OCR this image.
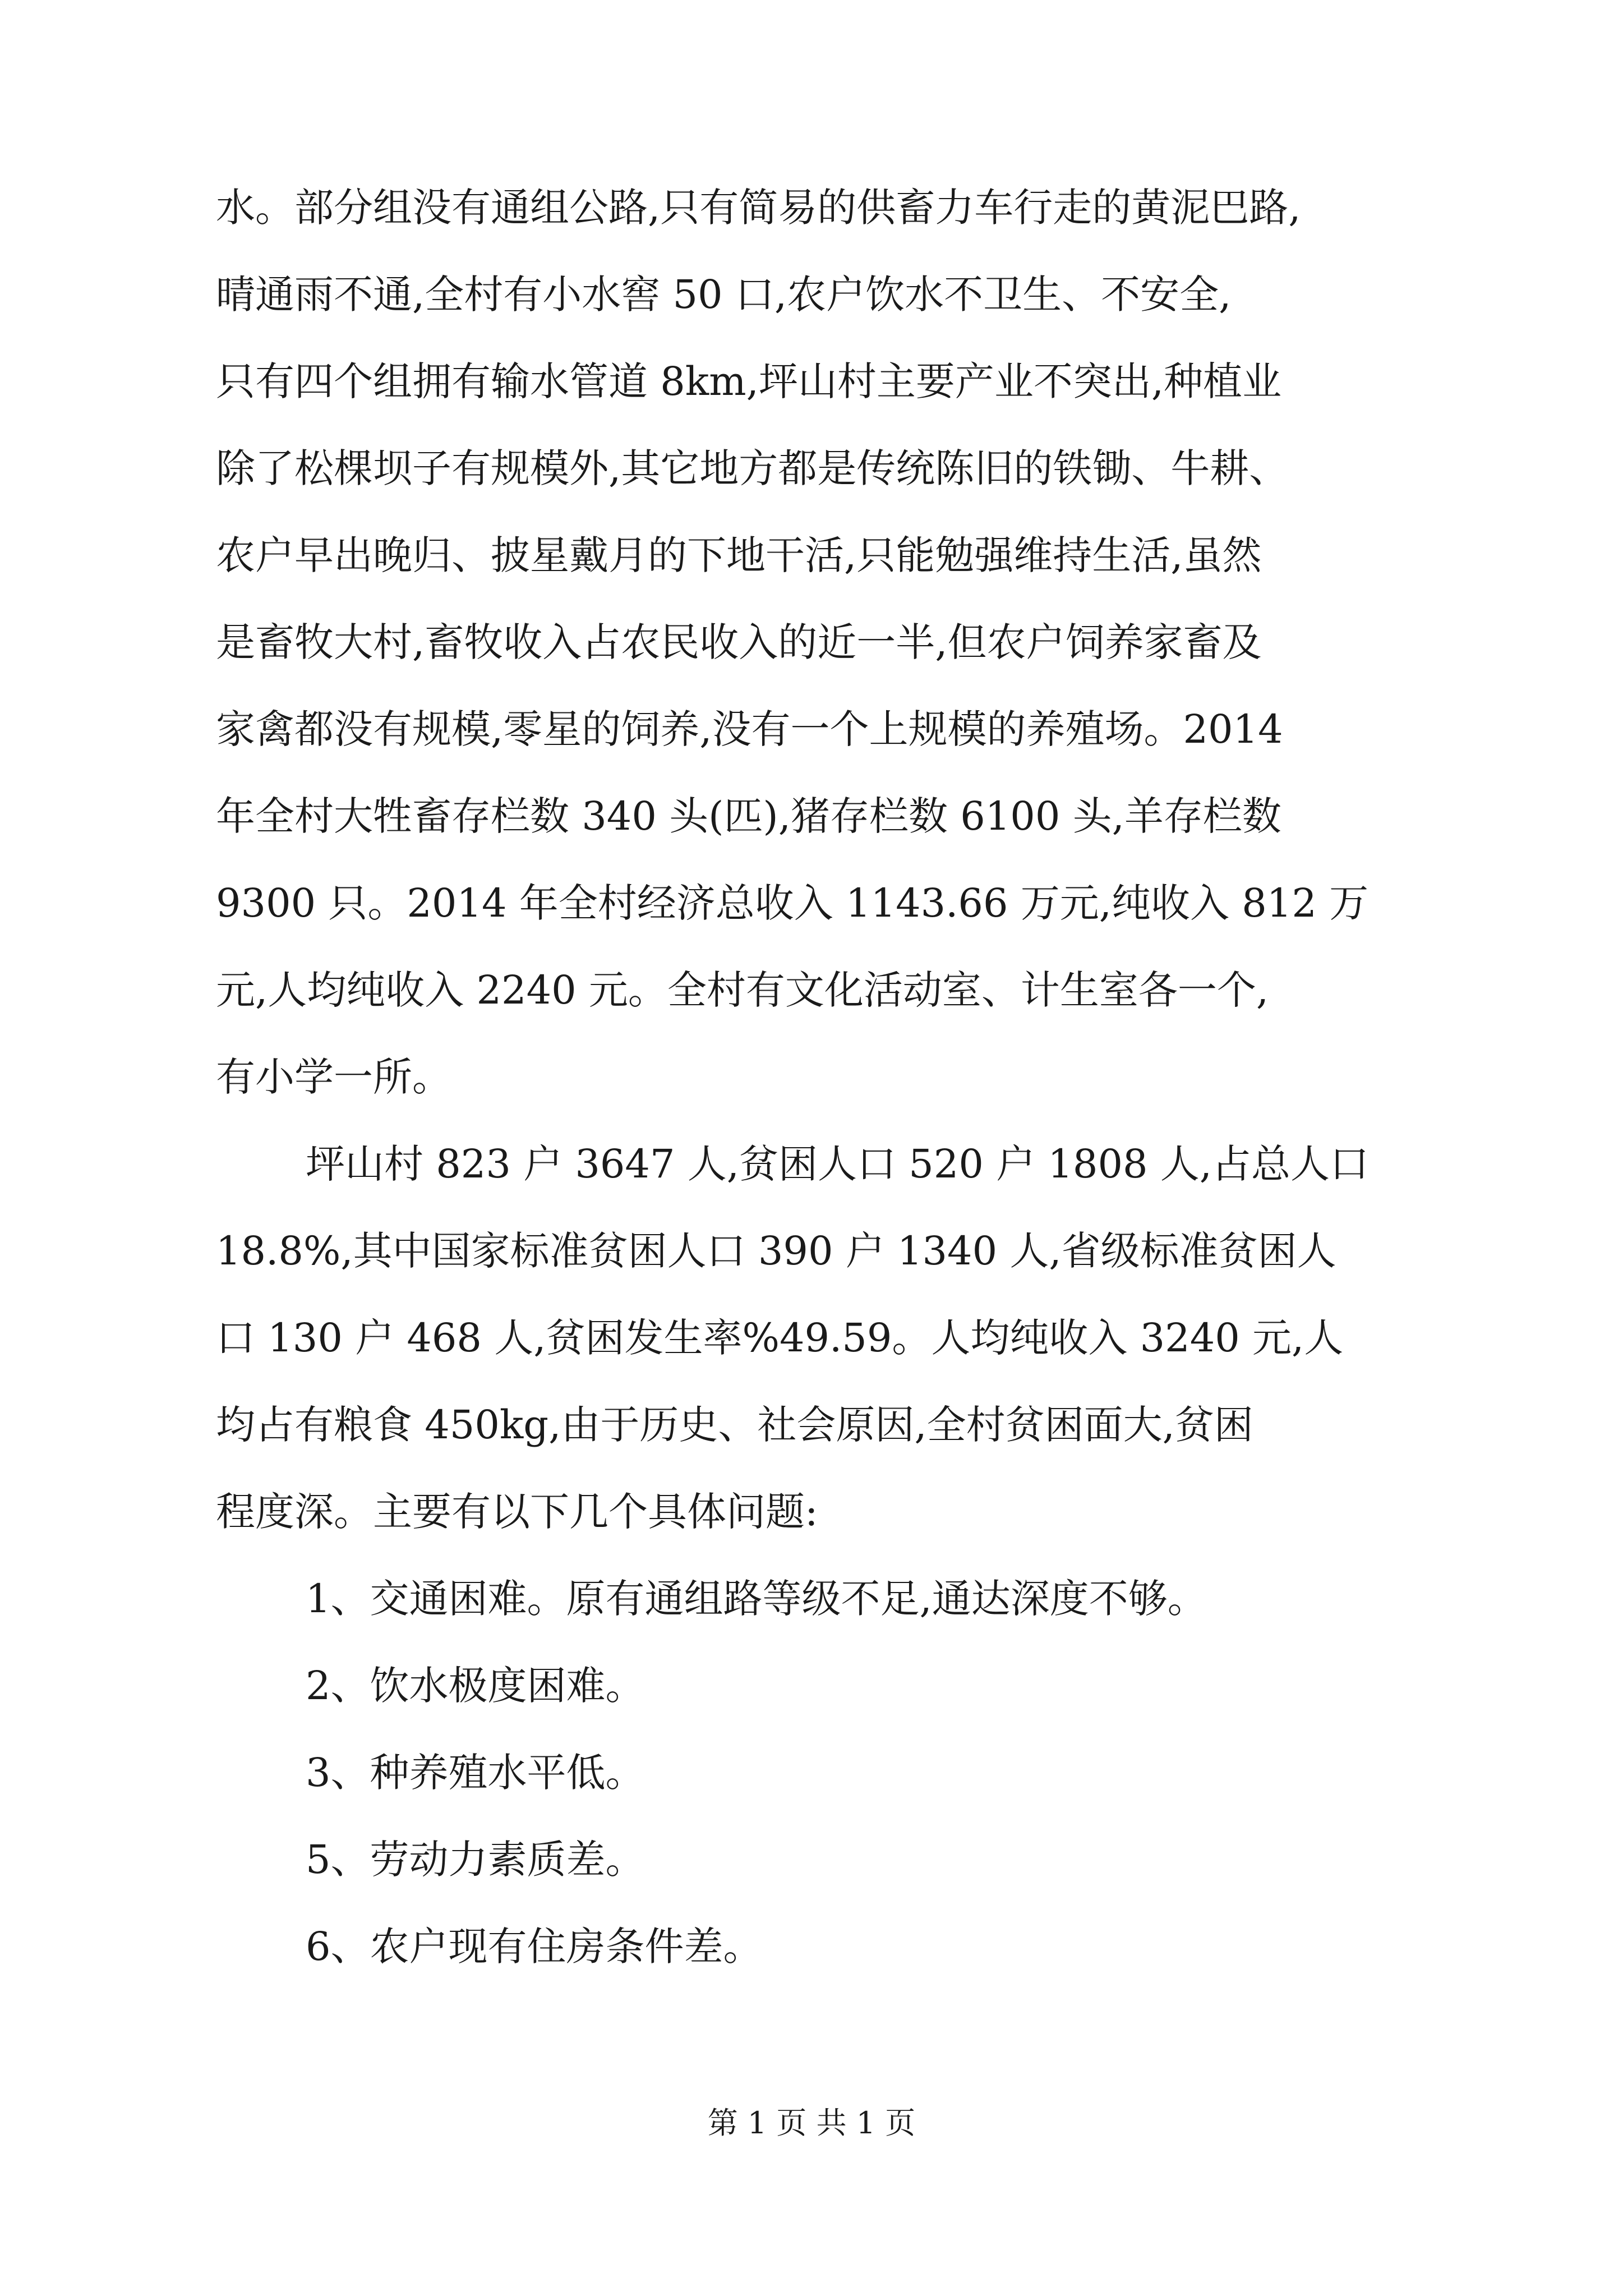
水。部分组没有通组公路,只有简易的供畜力车行走的黄泥巴路,
晴通雨不通,全村有小水窖 50 口,农户饮水不卫生、不安全,
只有四个组拥有输水管道 8km,坪山村主要产业不突出,种植业
除了松棵坝子有规模外,其它地方都是传统陈旧的铁锄、牛耕、
农户早出晚归、披星戴月的下地干活,只能勉强维持生活,虽然
是畜牧大村,畜牧收入占农民收入的近一半,但农户饲养家畜及
家禽都没有规模,零星的饲养,没有一个上规模的养殖场。2014
年全村大牲畜存栏数 340 头(匹),猪存栏数 6100 头,羊存栏数
9300 只。2014 年全村经济总收入 1143.66 万元,纯收入 812 万
元,人均纯收入 2240 元。全村有文化活动室、计生室各一个,
有小学一所。
坪山村 823 户 3647 人,贫困人口 520 户 1808 人,占总人口
18.8%,其中国家标准贫困人口 390 户 1340 人,省级标准贫困人
口 130 户 468 人,贫困发生率%49.59。人均纯收入 3240 元,人
均占有粮食 450kg,由于历史、社会原因,全村贫困面大,贫困
程度深。主要有以下几个具体问题:
1、交通困难。原有通组路等级不足,通达深度不够。
2、饮水极度困难。
3、种养殖水平低。
5、劳动力素质差。
6、农户现有住房条件差。
第 1 页 共 1 页
